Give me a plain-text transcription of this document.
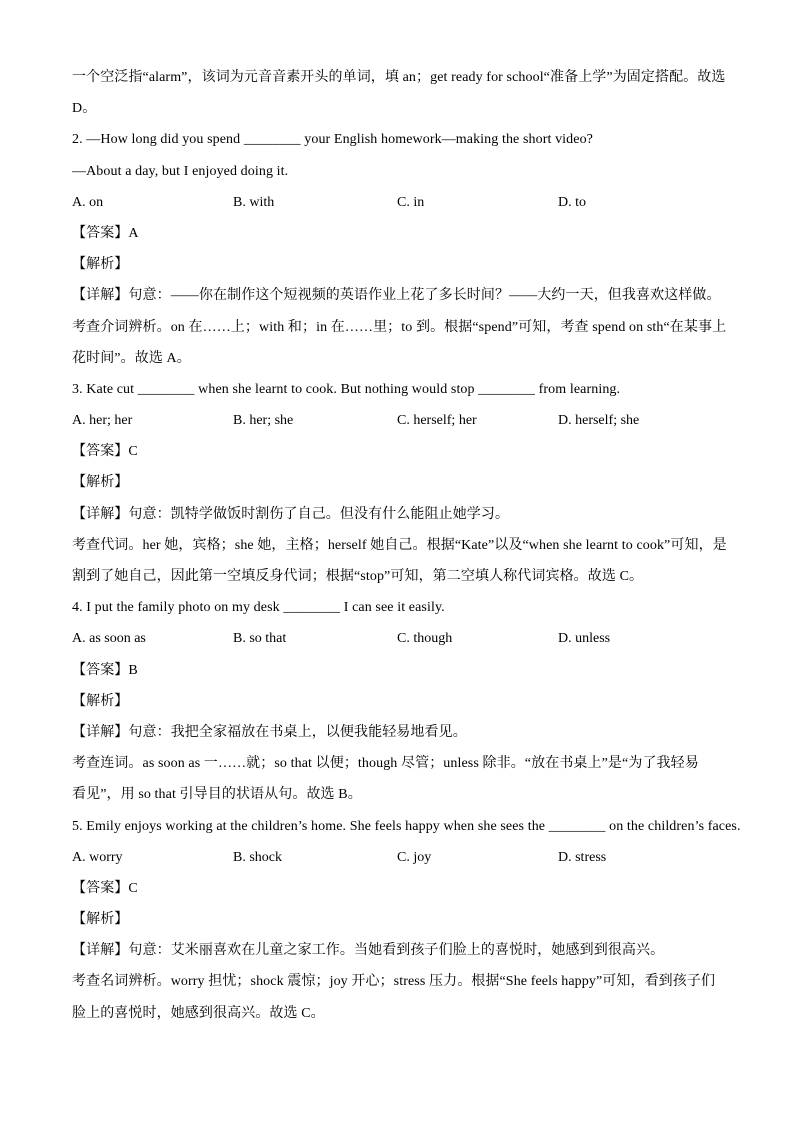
一个空泛指“alarm”，该词为元音音素开头的单词，填 an；get ready for school“准备上学”为固定搭配。故选
D。
2. —How long did you spend ________ your English homework—making the short video?
—About a day, but I enjoyed doing it.
A. on	B. with	C. in	D. to
【答案】A
【解析】
【详解】句意：——你在制作这个短视频的英语作业上花了多长时间？——大约一天，但我喜欢这样做。
考查介词辨析。on 在……上；with 和；in 在……里；to 到。根据“spend”可知，考查 spend on sth“在某事上
花时间”。故选 A。
3. Kate cut ________ when she learnt to cook. But nothing would stop ________ from learning.
A. her; her	B. her; she	C. herself; her	D. herself; she
【答案】C
【解析】
【详解】句意：凯特学做饭时割伤了自己。但没有什么能阻止她学习。
考查代词。her 她，宾格；she 她，主格；herself 她自己。根据“Kate”以及“when she learnt to cook”可知，是
割到了她自己，因此第一空填反身代词；根据“stop”可知，第二空填人称代词宾格。故选 C。
4. I put the family photo on my desk ________ I can see it easily.
A. as soon as	B. so that	C. though	D. unless
【答案】B
【解析】
【详解】句意：我把全家福放在书桌上，以便我能轻易地看见。
考查连词。as soon as 一……就；so that 以便；though 尽管；unless 除非。“放在书桌上”是“为了我轻易
看见”，用 so that 引导目的状语从句。故选 B。
5. Emily enjoys working at the children’s home. She feels happy when she sees the ________ on the children’s faces.
A. worry	B. shock	C. joy	D. stress
【答案】C
【解析】
【详解】句意：艾米丽喜欢在儿童之家工作。当她看到孩子们脸上的喜悦时，她感到到很高兴。
考查名词辨析。worry 担忧；shock 震惊；joy 开心；stress 压力。根据“She feels happy”可知，看到孩子们
脸上的喜悦时，她感到很高兴。故选 C。
